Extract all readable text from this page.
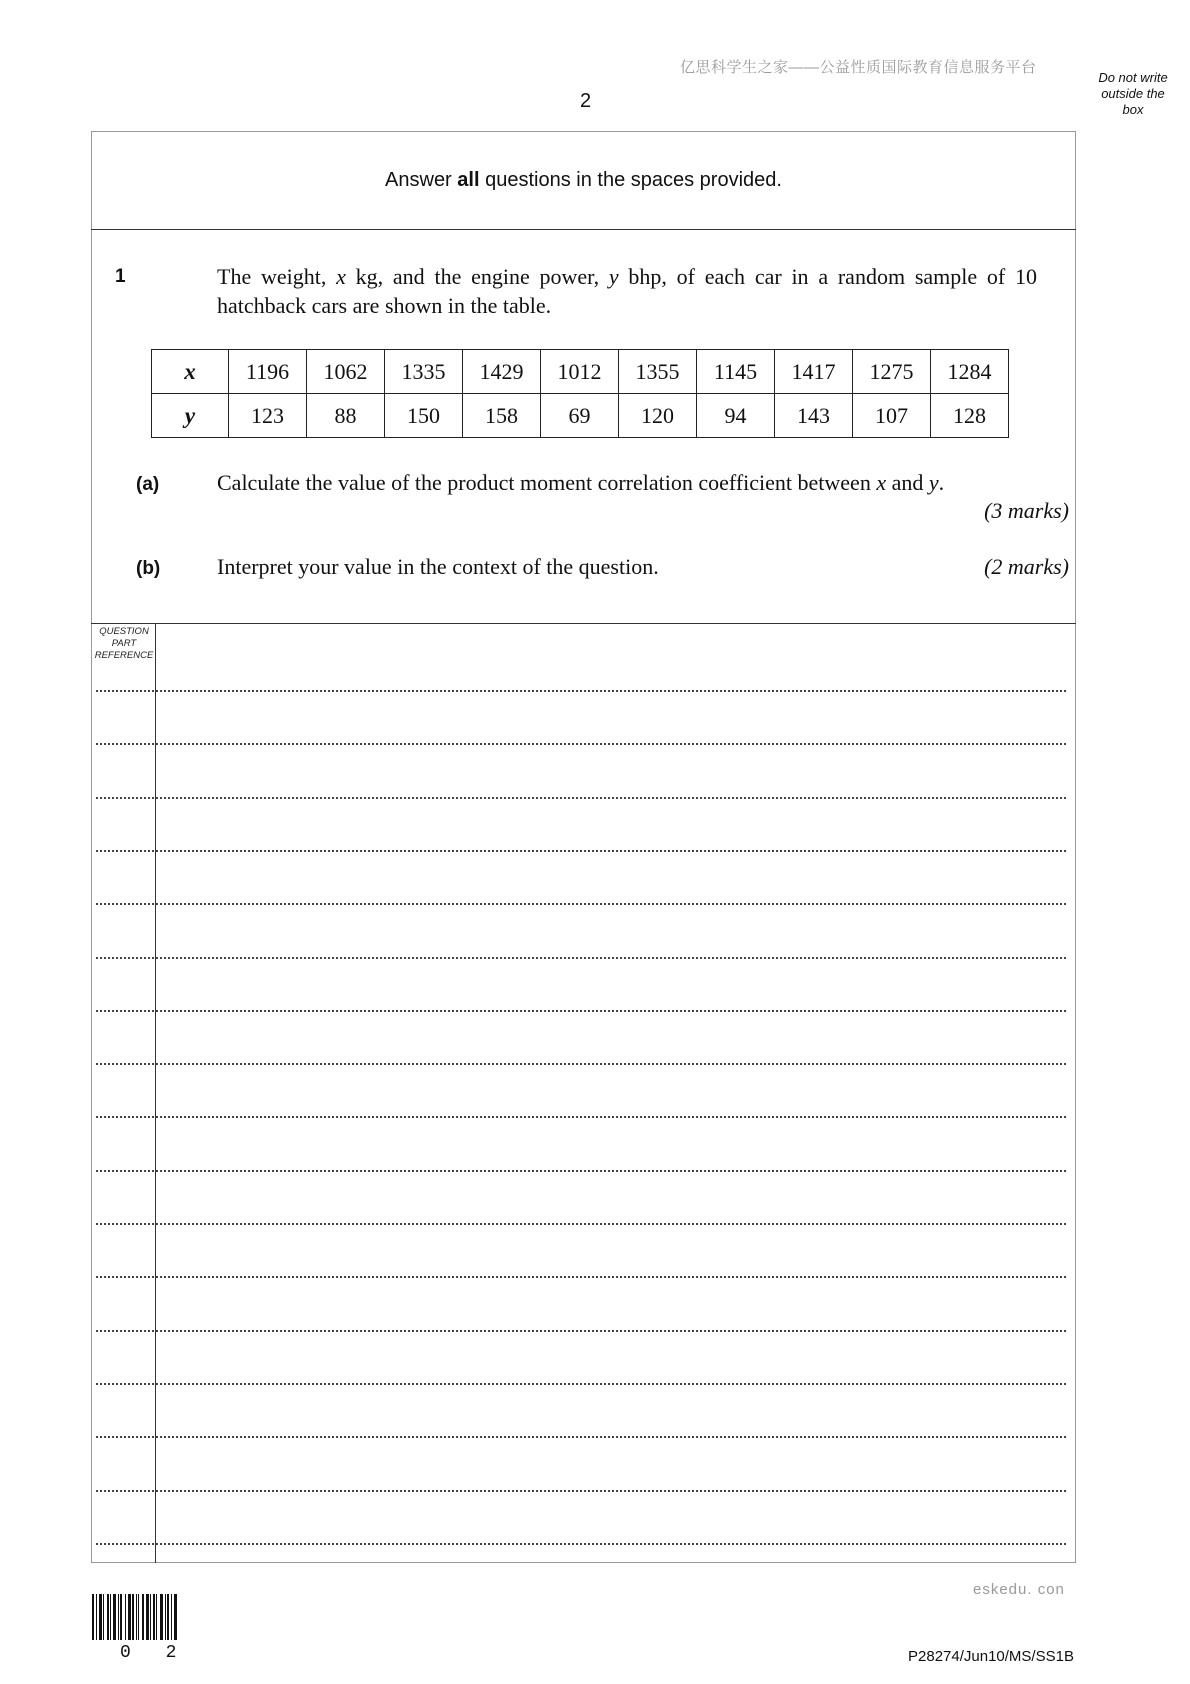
亿思科学生之家——公益性质国际教育信息服务平台
2
Do not write outside the box
Answer all questions in the spaces provided.
1	The weight, x kg, and the engine power, y bhp, of each car in a random sample of 10 hatchback cars are shown in the table.
x	1196	1062	1335	1429	1012	1355	1145	1417	1275	1284
y	123	88	150	158	69	120	94	143	107	128
(a)	Calculate the value of the product moment correlation coefficient between x and y.
(3 marks)
(b)	Interpret your value in the context of the question.	(2 marks)
QUESTION
PART
REFERENCE
eskedu. con
0 2	P28274/Jun10/MS/SS1B
